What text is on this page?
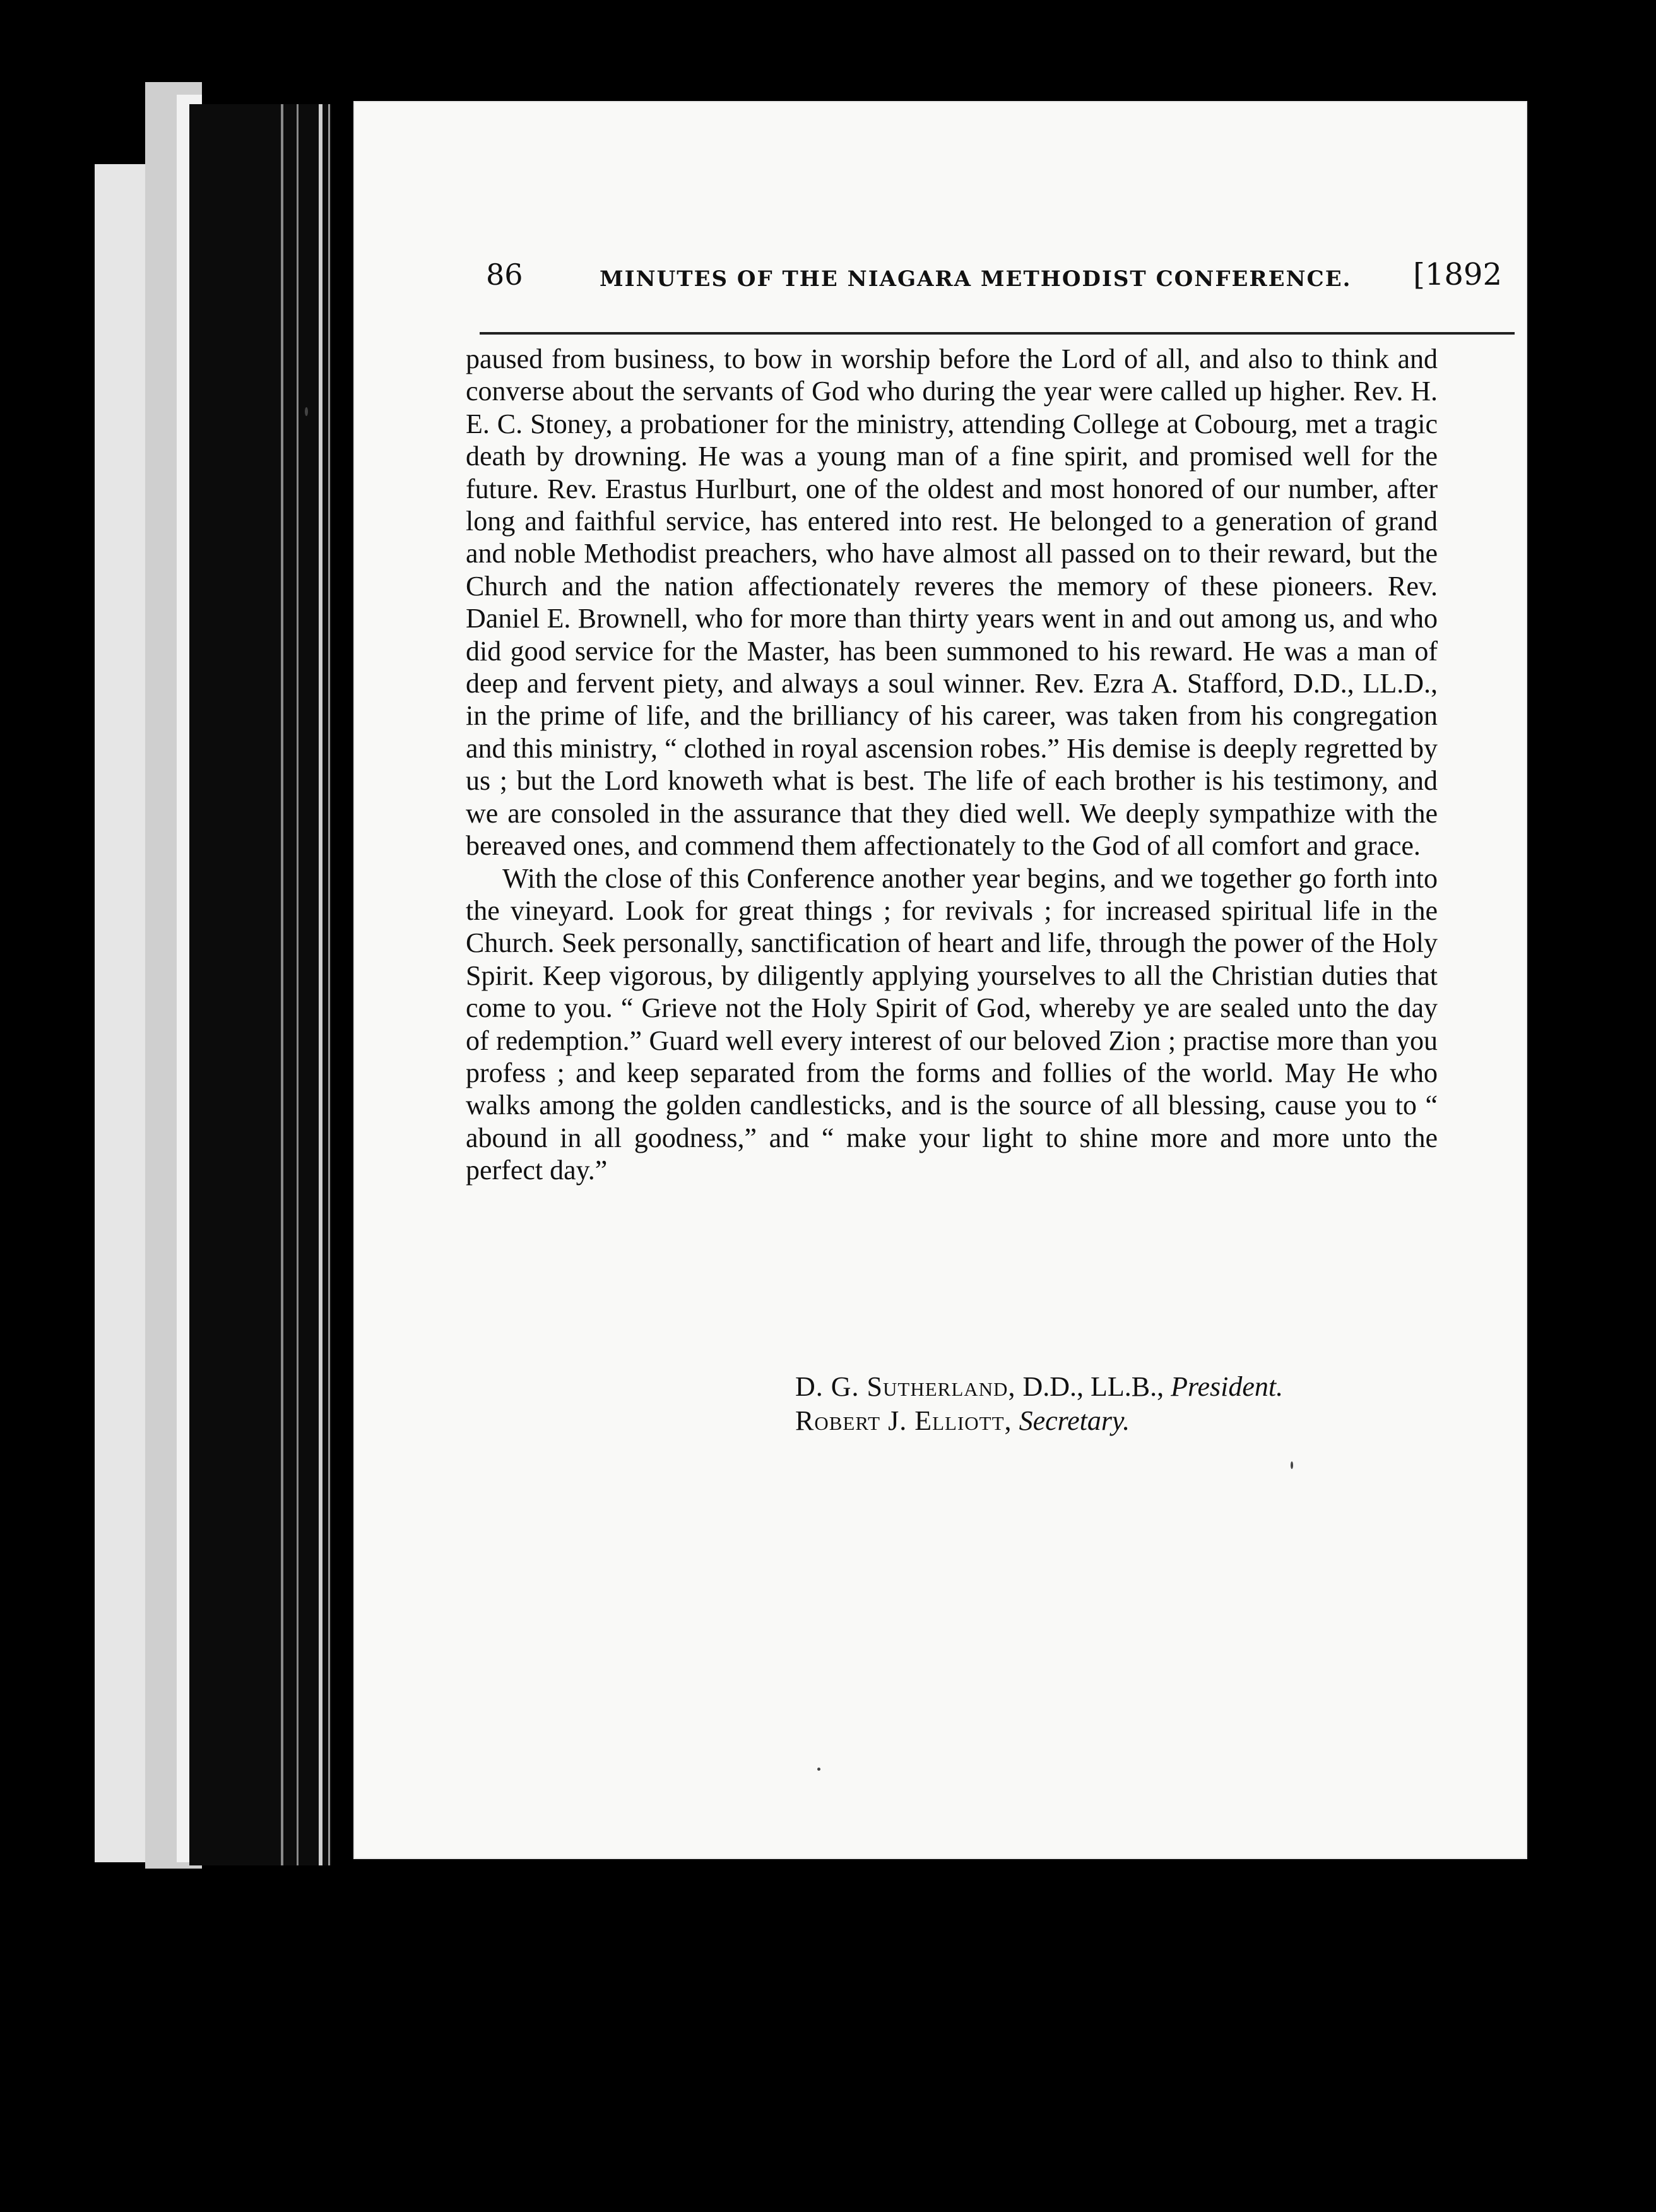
86	MINUTES OF THE NIAGARA METHODIST CONFERENCE. [1892

paused from business, to bow in worship before the Lord of all, and also to think and converse about the servants of God who during the year were called up higher. Rev. H. E. C. Stoney, a probationer for the ministry, attending College at Cobourg, met a tragic death by drowning. He was a young man of a fine spirit, and promised well for the future. Rev. Erastus Hurlburt, one of the oldest and most honored of our number, after long and faithful service, has entered into rest. He belonged to a generation of grand and noble Methodist preachers, who have almost all passed on to their reward, but the Church and the nation affectionately reveres the memory of these pioneers. Rev. Daniel E. Brownell, who for more than thirty years went in and out among us, and who did good service for the Master, has been summoned to his reward. He was a man of deep and fervent piety, and always a soul winner. Rev. Ezra A. Stafford, D.D., LL.D., in the prime of life, and the brilliancy of his career, was taken from his congregation and this ministry, “ clothed in royal ascension robes.” His demise is deeply regretted by us ; but the Lord knoweth what is best. The life of each brother is his testimony, and we are consoled in the assurance that they died well. We deeply sympathize with the bereaved ones, and commend them affectionately to the God of all comfort and grace.

With the close of this Conference another year begins, and we together go forth into the vineyard. Look for great things ; for revivals ; for increased spiritual life in the Church. Seek personally, sanctification of heart and life, through the power of the Holy Spirit. Keep vigorous, by diligently applying yourselves to all the Christian duties that come to you. “ Grieve not the Holy Spirit of God, whereby ye are sealed unto the day of redemption.” Guard well every interest of our beloved Zion ; practise more than you profess ; and keep separated from the forms and follies of the world. May He who walks among the golden candlesticks, and is the source of all blessing, cause you to “ abound in all goodness,” and “ make your light to shine more and more unto the perfect day.”

D. G. Sutherland, D.D., LL.B., President.
Robert J. Elliott, Secretary.
